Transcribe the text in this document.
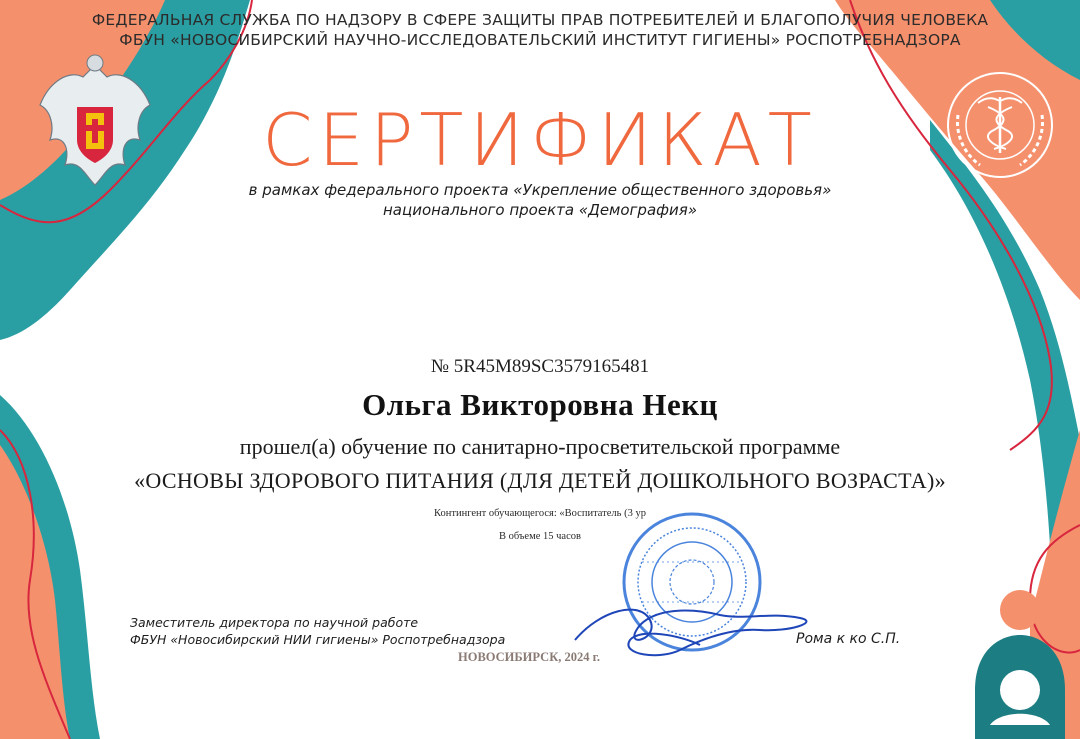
ФЕДЕРАЛЬНАЯ СЛУЖБА ПО НАДЗОРУ В СФЕРЕ ЗАЩИТЫ ПРАВ ПОТРЕБИТЕЛЕЙ И БЛАГОПОЛУЧИЯ ЧЕЛОВЕКА
ФБУН «НОВОСИБИРСКИЙ НАУЧНО-ИССЛЕДОВАТЕЛЬСКИЙ ИНСТИТУТ ГИГИЕНЫ» РОСПОТРЕБНАДЗОРА
СЕРТИФИКАТ
в рамках федерального проекта «Укрепление общественного здоровья»
национального проекта «Демография»
№ 5R45M89SC3579165481
Ольга Викторовна Некц
прошел(а) обучение по санитарно-просветительской программе
«ОСНОВЫ ЗДОРОВОГО ПИТАНИЯ (ДЛЯ ДЕТЕЙ ДОШКОЛЬНОГО ВОЗРАСТА)»
Контингент обучающегося: «Воспитатель (3 ур
В объеме 15 часов
Заместитель директора по научной работе
ФБУН «Новосибирский НИИ гигиены» Роспотребнадзора	Рома к ко С.П.
НОВОСИБИРСК, 2024 г.
